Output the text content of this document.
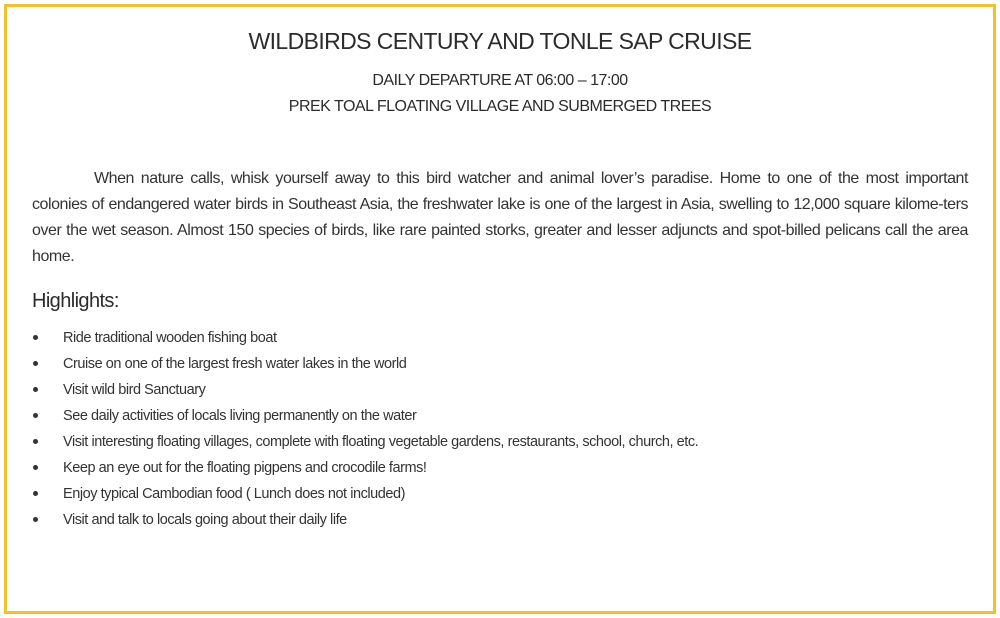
WILDBIRDS CENTURY AND TONLE SAP CRUISE
DAILY DEPARTURE AT 06:00 – 17:00
PREK TOAL FLOATING VILLAGE AND SUBMERGED TREES

When nature calls, whisk yourself away to this bird watcher and animal lover’s paradise. Home to one of the most important colonies of endangered water birds in Southeast Asia, the freshwater lake is one of the largest in Asia, swelling to 12,000 square kilome-ters over the wet season. Almost 150 species of birds, like rare painted storks, greater and lesser adjuncts and spot-billed pelicans call the area home.

Highlights:
Ride traditional wooden fishing boat
Cruise on one of the largest fresh water lakes in the world
Visit wild bird Sanctuary
See daily activities of locals living permanently on the water
Visit interesting floating villages, complete with floating vegetable gardens, restaurants, school, church, etc.
Keep an eye out for the floating pigpens and crocodile farms!
Enjoy typical Cambodian food ( Lunch does not included)
Visit and talk to locals going about their daily life
